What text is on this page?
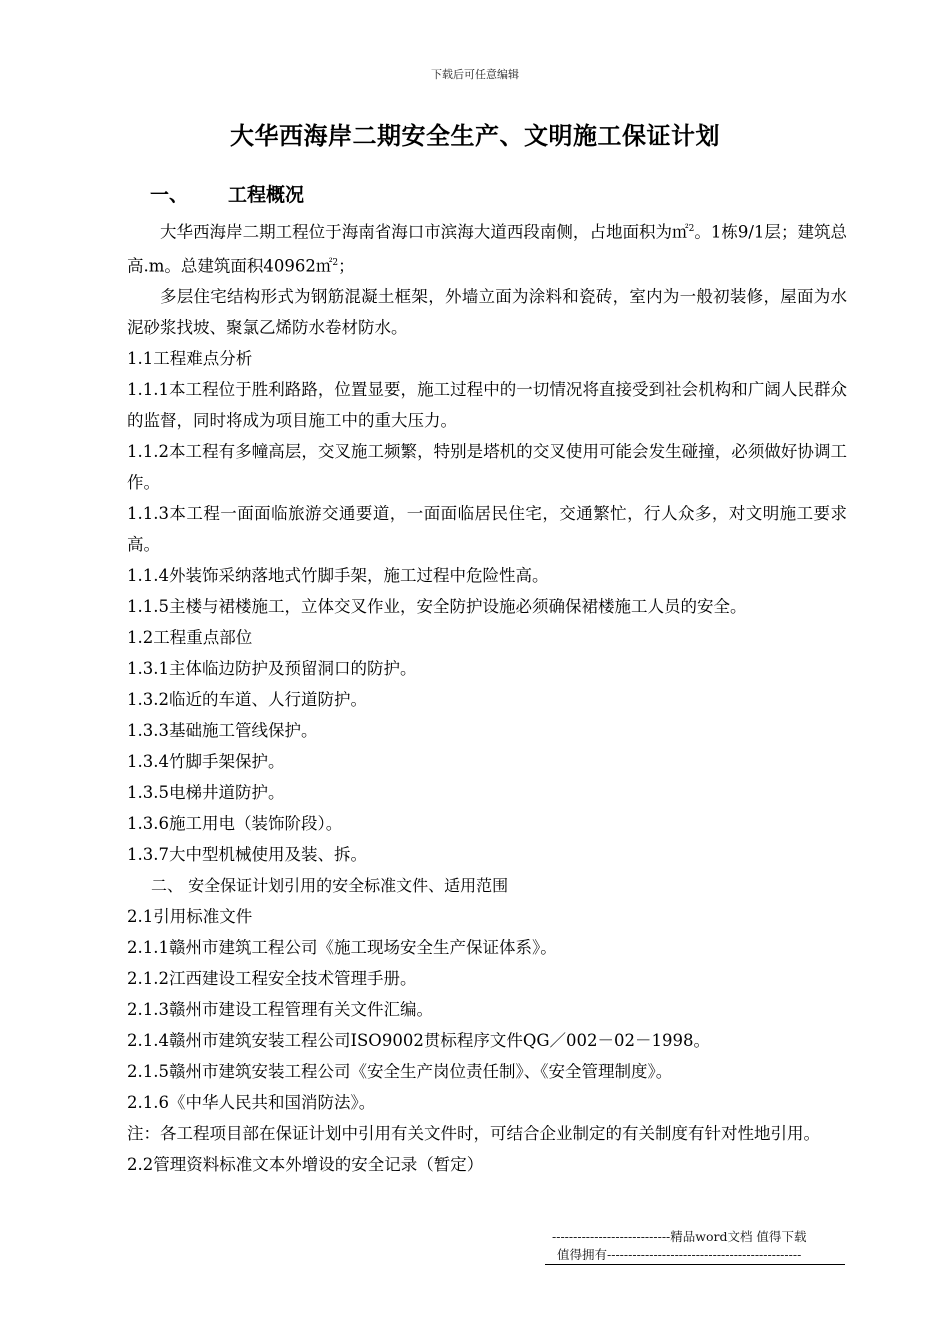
下载后可任意编辑
大华西海岸二期安全生产、文明施工保证计划
一、 工程概况

大华西海岸二期工程位于海南省海口市滨海大道西段南侧，占地面积为㎡$^2$。1栋9/1层；建筑总高.m。总建筑面积40962㎡$^2$；

多层住宅结构形式为钢筋混凝土框架，外墙立面为涂料和瓷砖，室内为一般初装修，屋面为水泥砂浆找坡、聚氯乙烯防水卷材防水。

1.1工程难点分析

1.1.1本工程位于胜利路路，位置显要，施工过程中的一切情况将直接受到社会机构和广阔人民群众的监督，同时将成为项目施工中的重大压力。

1.1.2本工程有多幢高层，交叉施工频繁，特别是塔机的交叉使用可能会发生碰撞，必须做好协调工作。

1.1.3本工程一面面临旅游交通要道，一面面临居民住宅，交通繁忙，行人众多，对文明施工要求高。

1.1.4外装饰采纳落地式竹脚手架，施工过程中危险性高。

1.1.5主楼与裙楼施工，立体交叉作业，安全防护设施必须确保裙楼施工人员的安全。

1.2工程重点部位

1.3.1主体临边防护及预留洞口的防护。

1.3.2临近的车道、人行道防护。

1.3.3基础施工管线保护。

1.3.4竹脚手架保护。

1.3.5电梯井道防护。

1.3.6施工用电（装饰阶段）。

1.3.7大中型机械使用及装、拆。

二、 安全保证计划引用的安全标准文件、适用范围

2.1引用标准文件

2.1.1赣州市建筑工程公司《施工现场安全生产保证体系》。

2.1.2江西建设工程安全技术管理手册。

2.1.3赣州市建设工程管理有关文件汇编。

2.1.4赣州市建筑安装工程公司ISO9002贯标程序文件QG／002－02－1998。

2.1.5赣州市建筑安装工程公司《安全生产岗位责任制》、《安全管理制度》。

2.1.6《中华人民共和国消防法》。

注：各工程项目部在保证计划中引用有关文件时，可结合企业制定的有关制度有针对性地引用。

2.2管理资料标准文本外增设的安全记录（暂定）

----------------------------精品word文档 值得下载
值得拥有----------------------------------------------
